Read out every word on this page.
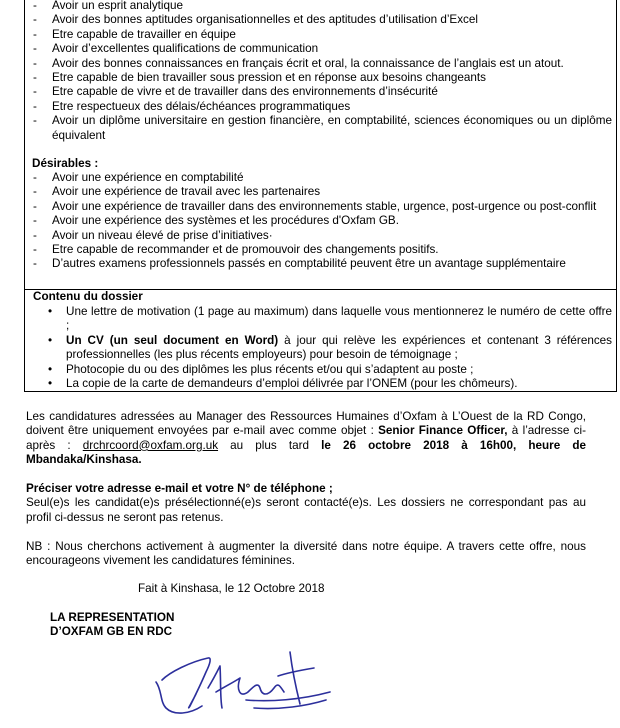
- Avoir un esprit analytique
- Avoir des bonnes aptitudes organisationnelles et des aptitudes d’utilisation d’Excel
- Etre capable de travailler en équipe
- Avoir d’excellentes qualifications de communication
- Avoir des bonnes connaissances en français écrit et oral, la connaissance de l’anglais est un atout.
- Etre capable de bien travailler sous pression et en réponse aux besoins changeants
- Etre capable de vivre et de travailler dans des environnements d’insécurité
- Etre respectueux des délais/échéances programmatiques
- Avoir un diplôme universitaire en gestion financière, en comptabilité, sciences économiques ou un diplôme équivalent
Désirables :
- Avoir une expérience en comptabilité
- Avoir une expérience de travail avec les partenaires
- Avoir une expérience de travailler dans des environnements stable, urgence, post-urgence ou post-conflit
- Avoir une expérience des systèmes et les procédures d'Oxfam GB.
- Avoir un niveau élevé de prise d’initiatives·
- Etre capable de recommander et de promouvoir des changements positifs.
- D’autres examens professionnels passés en comptabilité peuvent être un avantage supplémentaire
Contenu du dossier
• Une lettre de motivation (1 page au maximum) dans laquelle vous mentionnerez le numéro de cette offre ;
• Un CV (un seul document en Word) à jour qui relève les expériences et contenant 3 références professionnelles (les plus récents employeurs) pour besoin de témoignage ;
• Photocopie du ou des diplômes les plus récents et/ou qui s’adaptent au poste ;
• La copie de la carte de demandeurs d’emploi délivrée par l’ONEM (pour les chômeurs).
Les candidatures adressées au Manager des Ressources Humaines d’Oxfam à L’Ouest de la RD Congo, doivent être uniquement envoyées par e-mail avec comme objet : Senior Finance Officer, à l’adresse ci-après : drchrcoord@oxfam.org.uk au plus tard le 26 octobre 2018 à 16h00, heure de Mbandaka/Kinshasa.
Préciser votre adresse e-mail et votre N° de téléphone ;
Seul(e)s les candidat(e)s présélectionné(e)s seront contacté(e)s. Les dossiers ne correspondant pas au profil ci-dessus ne seront pas retenus.
NB : Nous cherchons activement à augmenter la diversité dans notre équipe. A travers cette offre, nous encourageons vivement les candidatures féminines.
Fait à Kinshasa, le 12 Octobre 2018
LA REPRESENTATION
D’OXFAM GB EN RDC
